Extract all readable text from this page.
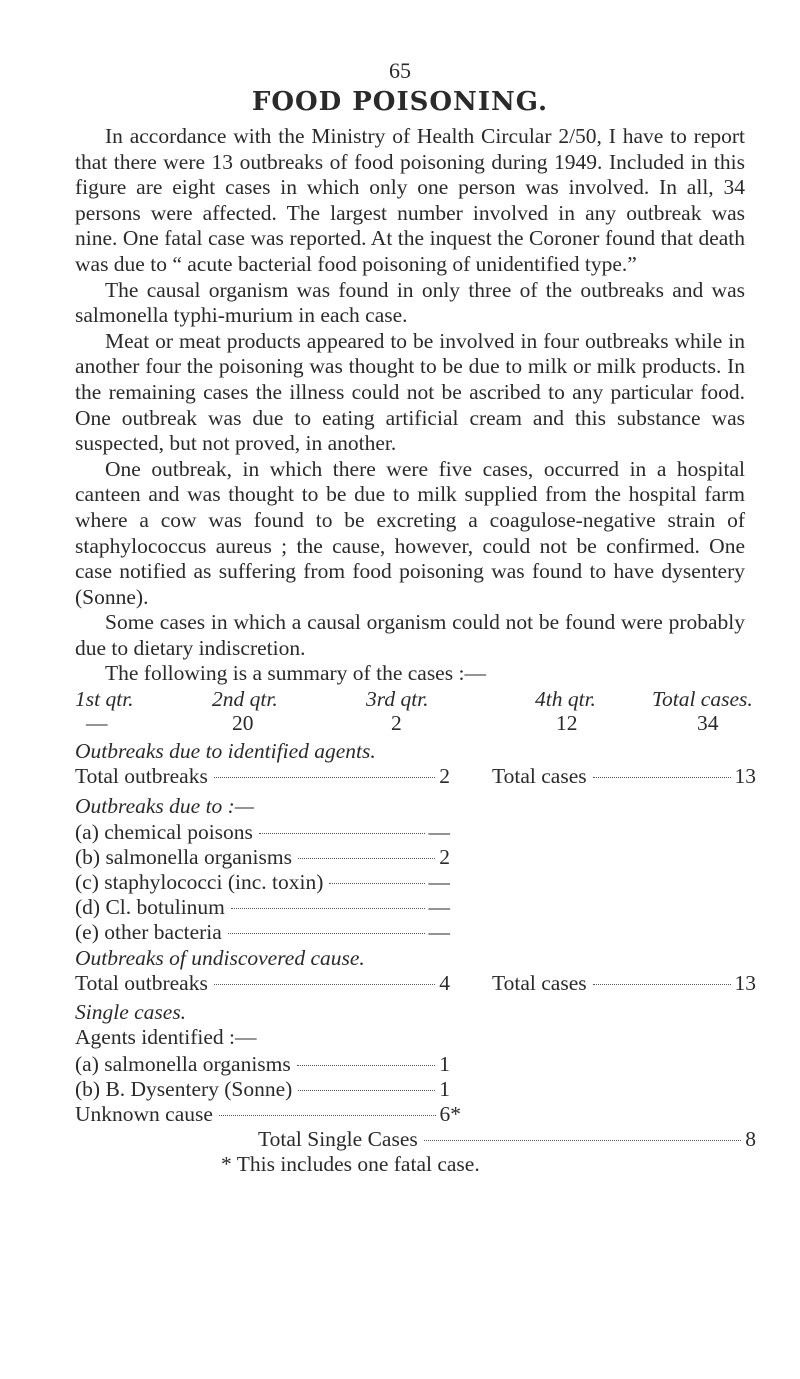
65
FOOD POISONING.

In accordance with the Ministry of Health Circular 2/50, I have to report that there were 13 outbreaks of food poisoning during 1949. Included in this figure are eight cases in which only one person was involved. In all, 34 persons were affected. The largest number involved in any outbreak was nine. One fatal case was reported. At the inquest the Coroner found that death was due to “ acute bacterial food poisoning of unidentified type.”

The causal organism was found in only three of the outbreaks and was salmonella typhi-murium in each case.

Meat or meat products appeared to be involved in four outbreaks while in another four the poisoning was thought to be due to milk or milk products. In the remaining cases the illness could not be ascribed to any particular food. One outbreak was due to eating artificial cream and this substance was suspected, but not proved, in another.

One outbreak, in which there were five cases, occurred in a hospital canteen and was thought to be due to milk supplied from the hospital farm where a cow was found to be excreting a coagulose-negative strain of staphylococcus aureus ; the cause, however, could not be confirmed. One case notified as suffering from food poisoning was found to have dysentery (Sonne).

Some cases in which a causal organism could not be found were probably due to dietary indiscretion.

The following is a summary of the cases :—

1st qtr.	2nd qtr.	3rd qtr.	4th qtr.	Total cases.
—	20	2	12	34
Outbreaks due to identified agents.
Total outbreaks	2 Total cases	13
Outbreaks due to :—
(a) chemical poisons	—
(b) salmonella organisms	2
(c) staphylococci (inc. toxin)	—
(d) Cl. botulinum	—
(e) other bacteria	—
Outbreaks of undiscovered cause.
Total outbreaks	4 Total cases	13
Single cases.
Agents identified :—
(a) salmonella organisms	1
(b) B. Dysentery (Sonne)	1
Unknown cause	6*
Total Single Cases	8
* This includes one fatal case.
